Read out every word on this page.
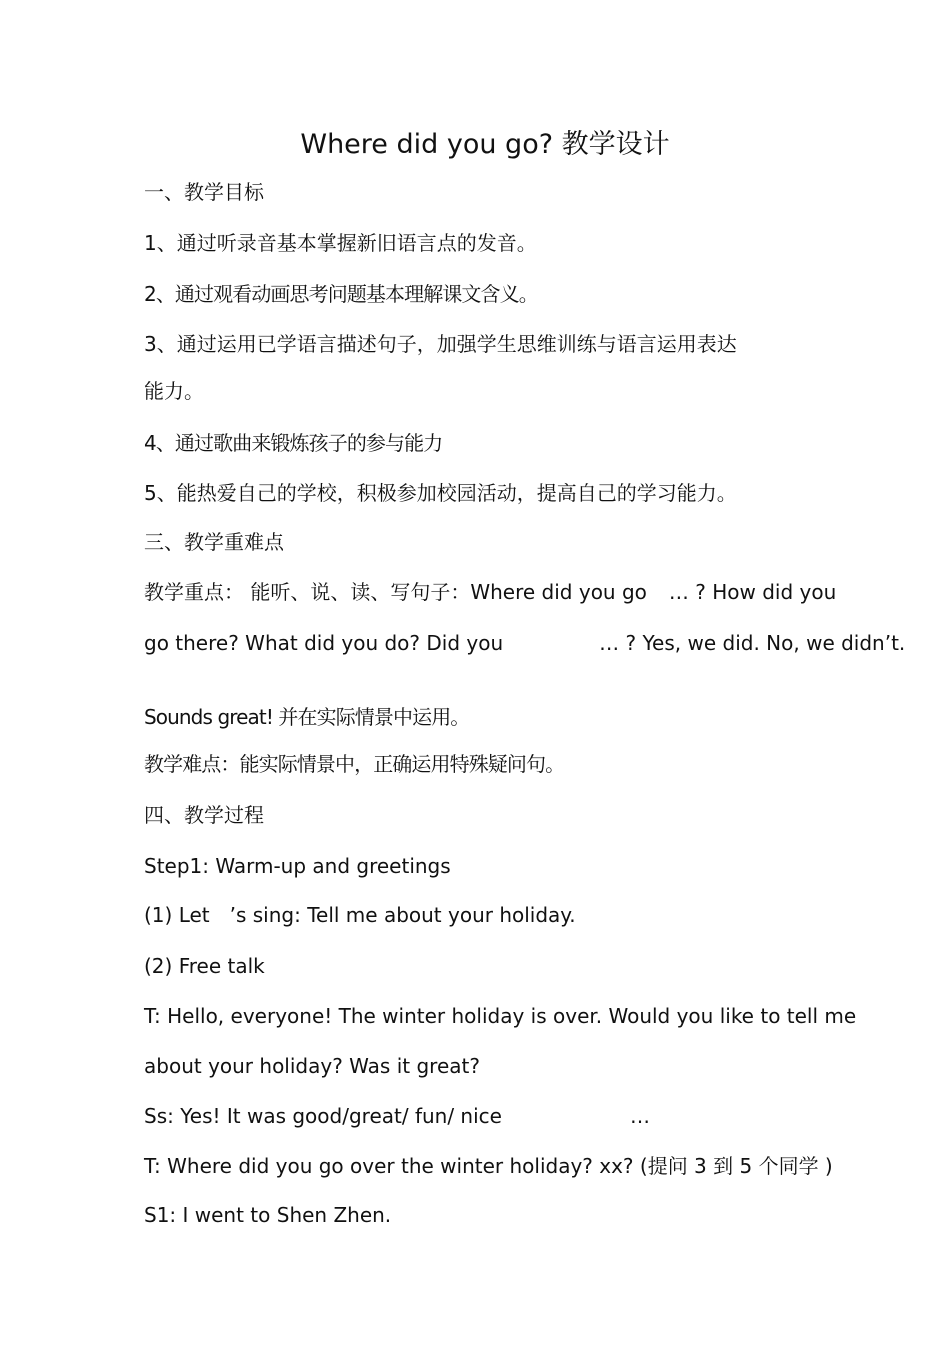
Where did you go? 教学设计
一、教学目标
1、通过听录音基本掌握新旧语言点的发音。
2、通过观看动画思考问题基本理解课文含义。
3、通过运用已学语言描述句子，加强学生思维训练与语言运用表达
能力。
4、通过歌曲来锻炼孩子的参与能力
5、能热爱自己的学校，积极参加校园活动，提高自己的学习能力。
三、教学重难点
教学重点： 能听、说、读、写句子：Where did you go … ? How did you
go there? What did you do? Did you	… ? Yes, we did. No, we didn’t.
Sounds great! 并在实际情景中运用。
教学难点：能实际情景中，正确运用特殊疑问句。
四、教学过程
Step1: Warm-up and greetings
(1) Let ’s sing: Tell me about your holiday.
(2) Free talk
T: Hello, everyone! The winter holiday is over. Would you like to tell me
about your holiday? Was it great?
Ss: Yes! It was good/great/ fun/ nice	…
T: Where did you go over the winter holiday? xx? (提问 3 到 5 个同学 )
S1: I went to Shen Zhen.
